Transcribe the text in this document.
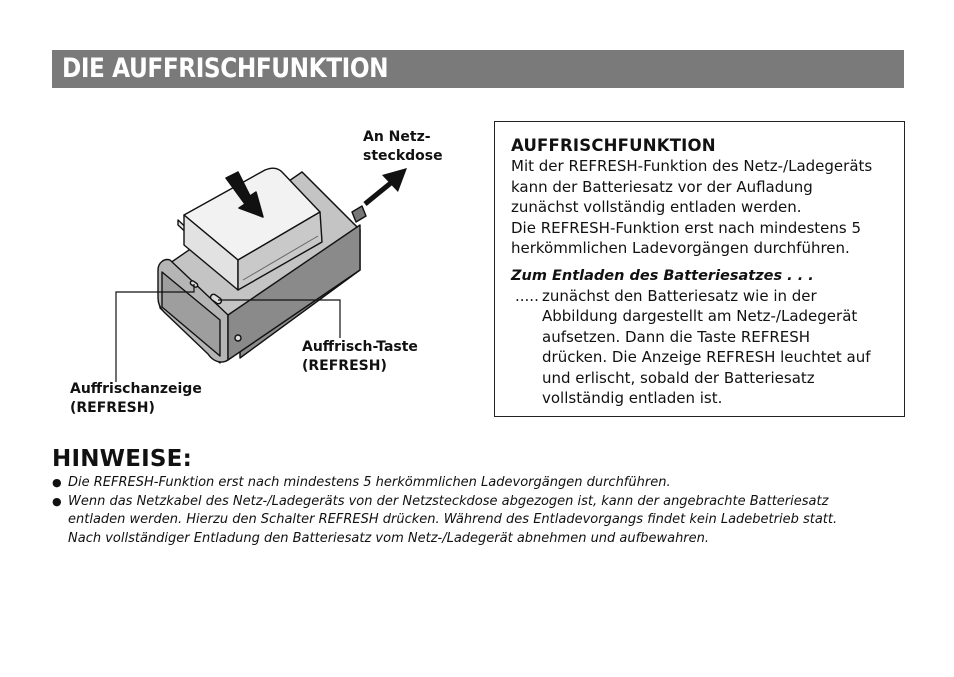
DIE AUFFRISCHFUNKTION
An Netz-
steckdose
Auffrisch-Taste
(REFRESH)
Auffrischanzeige
(REFRESH)
AUFFRISCHFUNKTION

Mit der REFRESH-Funktion des Netz-/Ladegeräts

kann der Batteriesatz vor der Aufladung

zunächst vollständig entladen werden.

Die REFRESH-Funktion erst nach mindestens 5

herkömmlichen Ladevorgängen durchführen.

Zum Entladen des Batteriesatzes . . .

..... zunächst den Batteriesatz wie in der
Abbildung dargestellt am Netz-/Ladegerät
aufsetzen. Dann die Taste REFRESH
drücken. Die Anzeige REFRESH leuchtet auf
und erlischt, sobald der Batteriesatz
vollständig entladen ist.
HINWEISE:
● Die REFRESH-Funktion erst nach mindestens 5 herkömmlichen Ladevorgängen durchführen.
● Wenn das Netzkabel des Netz-/Ladegeräts von der Netzsteckdose abgezogen ist, kann der angebrachte Batteriesatz
entladen werden. Hierzu den Schalter REFRESH drücken. Während des Entladevorgangs findet kein Ladebetrieb statt.
Nach vollständiger Entladung den Batteriesatz vom Netz-/Ladegerät abnehmen und aufbewahren.
